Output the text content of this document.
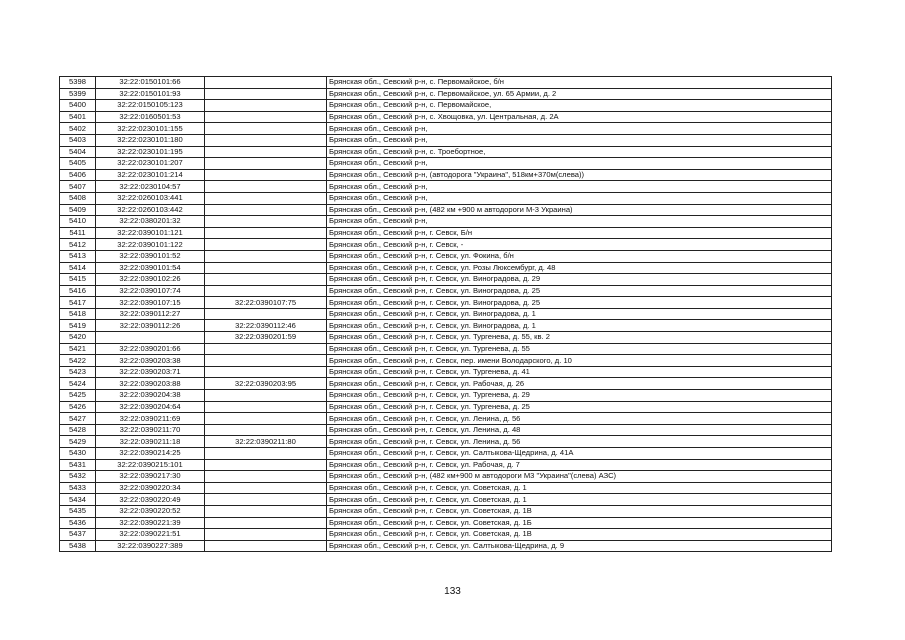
5398	32:22:0150101:66		Брянская обл., Севский р-н, с. Первомайское, б/н
5399	32:22:0150101:93		Брянская обл., Севский р-н, с. Первомайское, ул. 65 Армии, д. 2
5400	32:22:0150105:123		Брянская обл., Севский р-н, с. Первомайское,
5401	32:22:0160501:53		Брянская обл., Севский р-н, с. Хвощовка, ул. Центральная, д. 2А
5402	32:22:0230101:155		Брянская обл., Севский р-н,
5403	32:22:0230101:180		Брянская обл., Севский р-н,
5404	32:22:0230101:195		Брянская обл., Севский р-н, с. Троебортное,
5405	32:22:0230101:207		Брянская обл., Севский р-н,
5406	32:22:0230101:214		Брянская обл., Севский р-н, (автодорога "Украина", 518км+370м(слева))
5407	32:22:0230104:57		Брянская обл., Севский р-н,
5408	32:22:0260103:441		Брянская обл., Севский р-н,
5409	32:22:0260103:442		Брянская обл., Севский р-н, (482 км +900 м автодороги М-3 Украина)
5410	32:22:0380201:32		Брянская обл., Севский р-н,
5411	32:22:0390101:121		Брянская обл., Севский р-н, г. Севск, Б/н
5412	32:22:0390101:122		Брянская обл., Севский р-н, г. Севск, -
5413	32:22:0390101:52		Брянская обл., Севский р-н, г. Севск, ул. Фокина, б/н
5414	32:22:0390101:54		Брянская обл., Севский р-н, г. Севск, ул. Розы Люксембург, д. 48
5415	32:22:0390102:26		Брянская обл., Севский р-н, г. Севск, ул. Виноградова, д. 29
5416	32:22:0390107:74		Брянская обл., Севский р-н, г. Севск, ул. Виноградова, д. 25
5417	32:22:0390107:15	32:22:0390107:75	Брянская обл., Севский р-н, г. Севск, ул. Виноградова, д. 25
5418	32:22:0390112:27		Брянская обл., Севский р-н, г. Севск, ул. Виноградова, д. 1
5419	32:22:0390112:26	32:22:0390112:46	Брянская обл., Севский р-н, г. Севск, ул. Виноградова, д. 1
5420		32:22:0390201:59	Брянская обл., Севский р-н, г. Севск, ул. Тургенева, д. 55, кв. 2
5421	32:22:0390201:66		Брянская обл., Севский р-н, г. Севск, ул. Тургенева, д. 55
5422	32:22:0390203:38		Брянская обл., Севский р-н, г. Севск, пер. имени Володарского, д. 10
5423	32:22:0390203:71		Брянская обл., Севский р-н, г. Севск, ул. Тургенева, д. 41
5424	32:22:0390203:88	32:22:0390203:95	Брянская обл., Севский р-н, г. Севск, ул. Рабочая, д. 26
5425	32:22:0390204:38		Брянская обл., Севский р-н, г. Севск, ул. Тургенева, д. 29
5426	32:22:0390204:64		Брянская обл., Севский р-н, г. Севск, ул. Тургенева, д. 25
5427	32:22:0390211:69		Брянская обл., Севский р-н, г. Севск, ул. Ленина, д. 56
5428	32:22:0390211:70		Брянская обл., Севский р-н, г. Севск, ул. Ленина, д. 48
5429	32:22:0390211:18	32:22:0390211:80	Брянская обл., Севский р-н, г. Севск, ул. Ленина, д. 56
5430	32:22:0390214:25		Брянская обл., Севский р-н, г. Севск, ул. Салтыкова-Щедрина, д. 41А
5431	32:22:0390215:101		Брянская обл., Севский р-н, г. Севск, ул. Рабочая, д. 7
5432	32:22:0390217:30		Брянская обл., Севский р-н, (482 км+900 м автодороги М3 "Украина"(слева) АЗС)
5433	32:22:0390220:34		Брянская обл., Севский р-н, г. Севск, ул. Советская, д. 1
5434	32:22:0390220:49		Брянская обл., Севский р-н, г. Севск, ул. Советская, д. 1
5435	32:22:0390220:52		Брянская обл., Севский р-н, г. Севск, ул. Советская, д. 1В
5436	32:22:0390221:39		Брянская обл., Севский р-н, г. Севск, ул. Советская, д. 1Б
5437	32:22:0390221:51		Брянская обл., Севский р-н, г. Севск, ул. Советская, д. 1В
5438	32:22:0390227:389		Брянская обл., Севский р-н, г. Севск, ул. Салтыкова-Щедрина, д. 9
133
